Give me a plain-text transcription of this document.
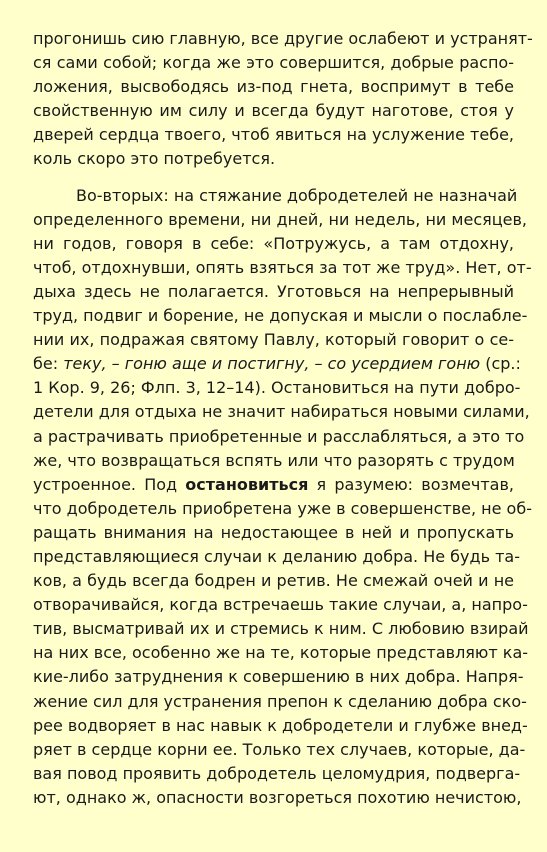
прогонишь сию главную, все другие ослабеют и устранят-
ся сами собой; когда же это совершится, добрые распо-
ложения, высвободясь из-под гнета, воспримут в тебе
свойственную им силу и всегда будут наготове, стоя у
дверей сердца твоего, чтоб явиться на услужение тебе,
коль скоро это потребуется.
Во-вторых: на стяжание добродетелей не назначай
определенного времени, ни дней, ни недель, ни месяцев,
ни годов, говоря в себе: «Потружусь, а там отдохну,
чтоб, отдохнувши, опять взяться за тот же труд». Нет, от-
дыха здесь не полагается. Уготовься на непрерывный
труд, подвиг и борение, не допуская и мысли о послабле-
нии их, подражая святому Павлу, который говорит о се-
бе: теку, – гоню аще и постигну, – со усердием гоню (ср.:
1 Кор. 9, 26; Флп. 3, 12–14). Остановиться на пути добро-
детели для отдыха не значит набираться новыми силами,
а растрачивать приобретенные и расслабляться, а это то
же, что возвращаться вспять или что разорять с трудом
устроенное. Под остановиться я разумею: возмечтав,
что добродетель приобретена уже в совершенстве, не об-
ращать внимания на недостающее в ней и пропускать
представляющиеся случаи к деланию добра. Не будь та-
ков, а будь всегда бодрен и ретив. Не смежай очей и не
отворачивайся, когда встречаешь такие случаи, а, напро-
тив, высматривай их и стремись к ним. С любовию взирай
на них все, особенно же на те, которые представляют ка-
кие-либо затруднения к совершению в них добра. Напря-
жение сил для устранения препон к сделанию добра ско-
рее водворяет в нас навык к добродетели и глубже внед-
ряет в сердце корни ее. Только тех случаев, которые, да-
вая повод проявить добродетель целомудрия, подверга-
ют, однако ж, опасности возгореться похотию нечистою,
